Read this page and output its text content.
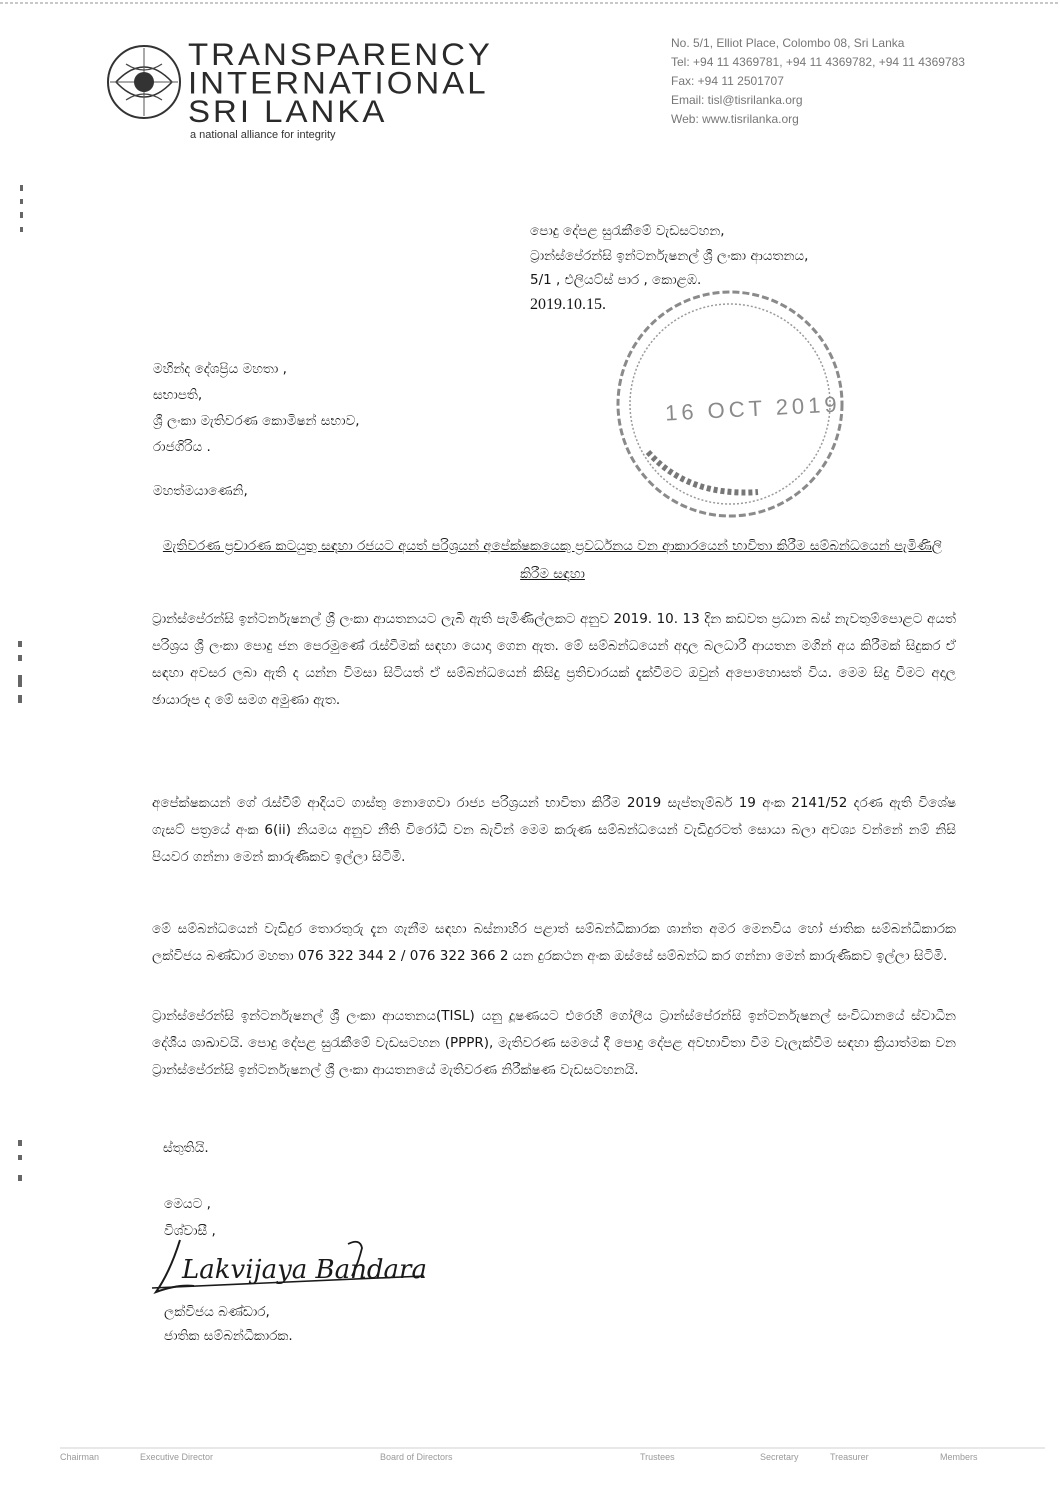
TRANSPARENCY
INTERNATIONAL
SRI LANKA
a national alliance for integrity
No. 5/1, Elliot Place, Colombo 08, Sri Lanka
Tel: +94 11 4369781, +94 11 4369782, +94 11 4369783
Fax: +94 11 2501707
Email: tisl@tisrilanka.org
Web: www.tisrilanka.org
පොදු දේපළ සුරැකීමේ වැඩසටහන,
ට්‍රාන්ස්පේරන්සි ඉන්ටර්නැෂනල් ශ්‍රී ලංකා ආයතනය,
5/1 , එලියට්ස් පාර , කොළඹ.
2019.10.15.
16 OCT 2019
මහින්ද දේශප්‍රිය මහතා ,
සභාපති,
ශ්‍රී ලංකා මැතිවරණ කොමිෂන් සභාව,
රාජගිරිය .
මහත්මයාණෙනි,
මැතිවරණ ප්‍රචාරණ කටයුතු සඳහා රජයට අයත් පරිශ්‍රයන් අපේක්ෂකයෙකු ප්‍රවර්ධනය වන ආකාරයෙන් භාවිතා කිරීම සම්බන්ධයෙන් පැමිණිලි කිරීම සඳහා
ට්‍රාන්ස්පේරන්සි ඉන්ටර්නැෂනල් ශ්‍රී ලංකා ආයතනයට ලැබී ඇති පැමිණිල්ලකට අනුව 2019. 10. 13 දින කඩවත ප්‍රධාන බස් නැවතුම්පොළට අයත් පරිශ්‍රය ශ්‍රී ලංකා පොදු ජන පෙරමුණේ රැස්වීමක් සඳහා යොදා ගෙන ඇත. මේ සම්බන්ධයෙන් අදාල බලධාරී ආයතන මගින් අය කිරීමක් සිදුකර ඒ සඳහා අවසර ලබා ඇති ද යන්න විමසා සිටියත් ඒ සම්බන්ධයෙන් කිසිදු ප්‍රතිචාරයක් දැක්වීමට ඔවුන් අපොහොසත් විය. මෙම සිදු වීමට අදාල ඡායාරූප ද මේ සමග අමුණා ඇත.
අපේක්ෂකයන් ගේ රැස්වීම් ආදියට ගාස්තු නොගෙවා රාජ්‍ය පරිශ්‍රයන් භාවිතා කිරීම 2019 සැප්තැම්බර් 19 අංක 2141/52 දරණ ඇති විශේෂ ගැසට් පත්‍රයේ අංක 6(ii) නියමය අනුව නීති විරෝධී වන බැවින් මෙම කරුණ සම්බන්ධයෙන් වැඩිදුරටත් සොයා බලා අවශ්‍ය වන්නේ නම් නිසි පියවර ගන්නා මෙන් කාරුණිකව ඉල්ලා සිටිමි.
මේ සම්බන්ධයෙන් වැඩිදුර තොරතුරු දැන ගැනීම සඳහා බස්නාහිර පළාත් සම්බන්ධීකාරක ශාන්ත අමර මෙනවිය හෝ ජාතික සම්බන්ධීකාරක ලක්විජය බණ්ඩාර මහතා 076 322 344 2 / 076 322 366 2 යන දුරකථන අංක ඔස්සේ සම්බන්ධ කර ගන්නා මෙන් කාරුණිකව ඉල්ලා සිටිමි.
ට්‍රාන්ස්පේරන්සි ඉන්ටර්නැෂනල් ශ්‍රී ලංකා ආයතනය(TISL) යනු දූෂණයට එරෙහි ගෝලීය ට්‍රාන්ස්පේරන්සි ඉන්ටර්නැෂනල් සංවිධානයේ ස්වාධීන දේශීය ශාඛාවයි. පොදු දේපළ සුරැකීමේ වැඩසටහන (PPPR), මැතිවරණ සමයේ දී පොදු දේපළ අවභාවිතා වීම වැලැක්වීම සඳහා ක්‍රියාත්මක වන ට්‍රාන්ස්පේරන්සි ඉන්ටර්නැෂනල් ශ්‍රී ලංකා ආයතනයේ මැතිවරණ නිරීක්ෂණ වැඩසටහනයි.
ස්තුතියි.
මෙයට ,
විශ්වාසී ,
Lakvijaya Bandara
ලක්විජය බණ්ඩාර,
ජාතික සම්බන්ධීකාරක.
Chairman	Executive Director	Board of Directors	Trustees	Secretary	Treasurer	Members
